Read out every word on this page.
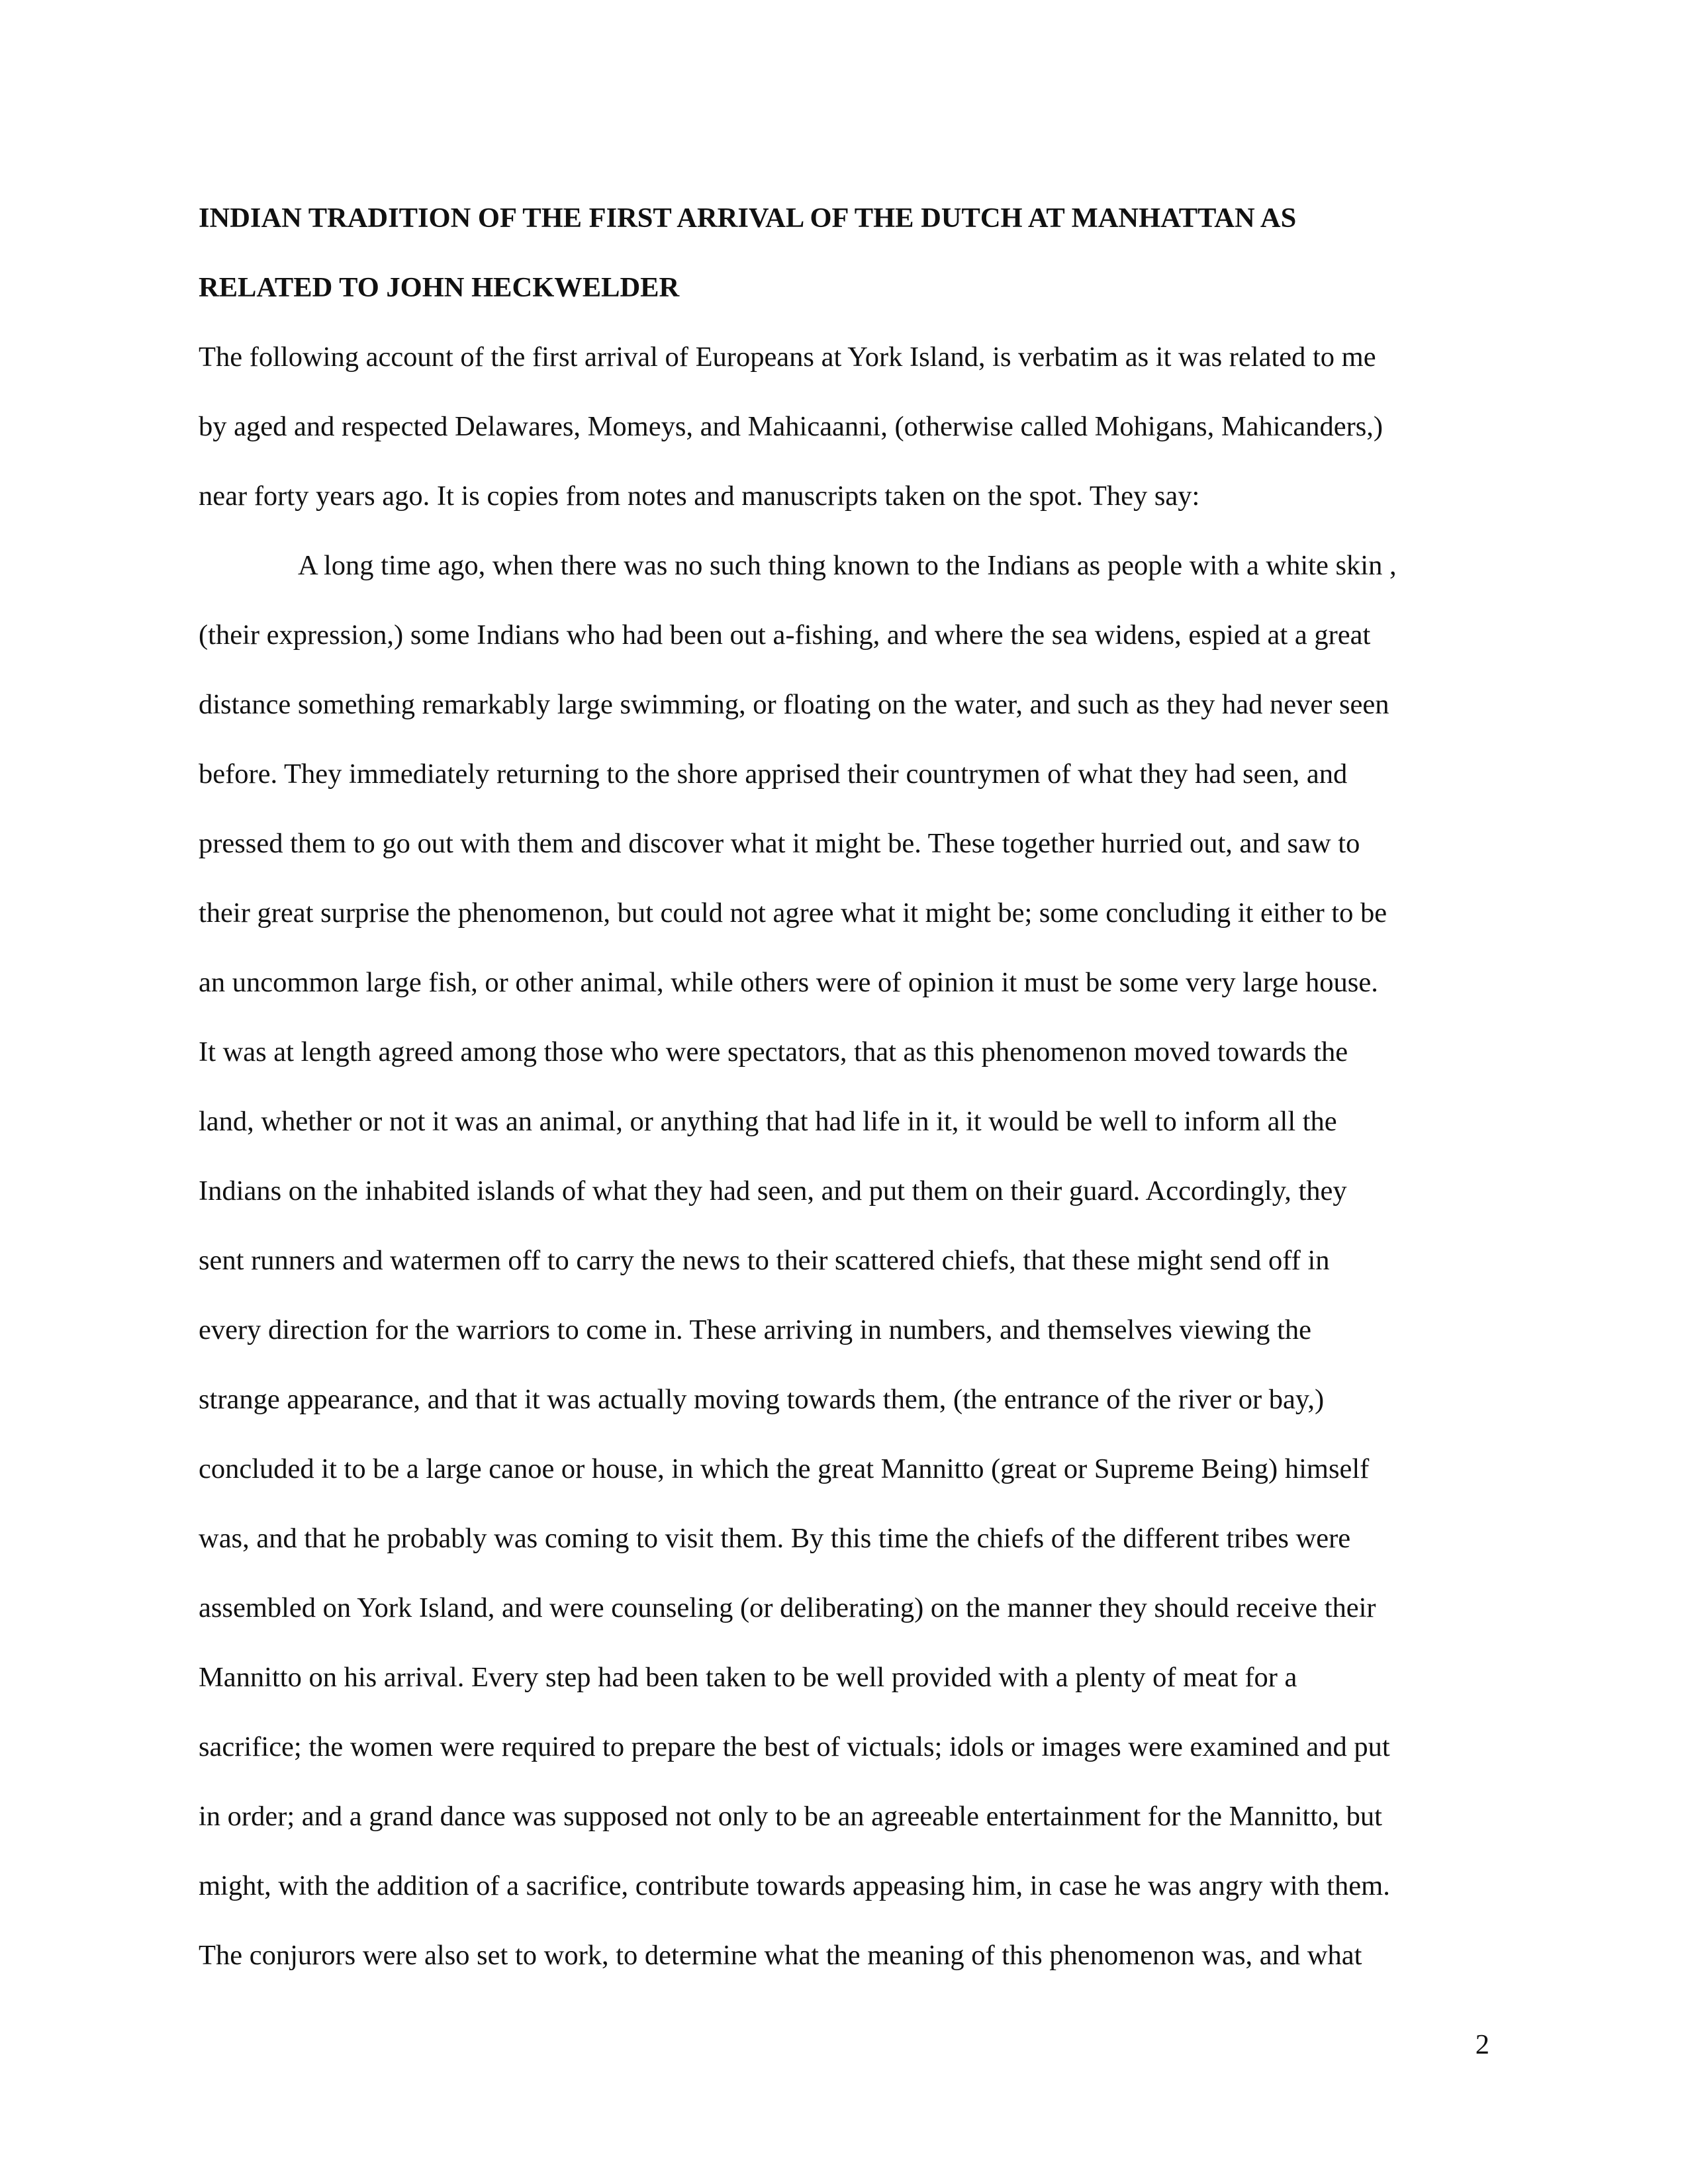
INDIAN TRADITION OF THE FIRST ARRIVAL OF THE DUTCH AT MANHATTAN AS
RELATED TO JOHN HECKWELDER
The following account of the first arrival of Europeans at York Island, is verbatim as it was related to me
by aged and respected Delawares, Momeys, and Mahicaanni, (otherwise called Mohigans, Mahicanders,)
near forty years ago. It is copies from notes and manuscripts taken on the spot. They say:
A long time ago, when there was no such thing known to the Indians as people with a white skin ,
(their expression,) some Indians who had been out a-fishing, and where the sea widens, espied at a great
distance something remarkably large swimming, or floating on the water, and such as they had never seen
before. They immediately returning to the shore apprised their countrymen of what they had seen, and
pressed them to go out with them and discover what it might be. These together hurried out, and saw to
their great surprise the phenomenon, but could not agree what it might be; some concluding it either to be
an uncommon large fish, or other animal, while others were of opinion it must be some very large house.
It was at length agreed among those who were spectators, that as this phenomenon moved towards the
land, whether or not it was an animal, or anything that had life in it, it would be well to inform all the
Indians on the inhabited islands of what they had seen, and put them on their guard. Accordingly, they
sent runners and watermen off to carry the news to their scattered chiefs, that these might send off in
every direction for the warriors to come in. These arriving in numbers, and themselves viewing the
strange appearance, and that it was actually moving towards them, (the entrance of the river or bay,)
concluded it to be a large canoe or house, in which the great Mannitto (great or Supreme Being) himself
was, and that he probably was coming to visit them. By this time the chiefs of the different tribes were
assembled on York Island, and were counseling (or deliberating) on the manner they should receive their
Mannitto on his arrival. Every step had been taken to be well provided with a plenty of meat for a
sacrifice; the women were required to prepare the best of victuals; idols or images were examined and put
in order; and a grand dance was supposed not only to be an agreeable entertainment for the Mannitto, but
might, with the addition of a sacrifice, contribute towards appeasing him, in case he was angry with them.
The conjurors were also set to work, to determine what the meaning of this phenomenon was, and what
2
